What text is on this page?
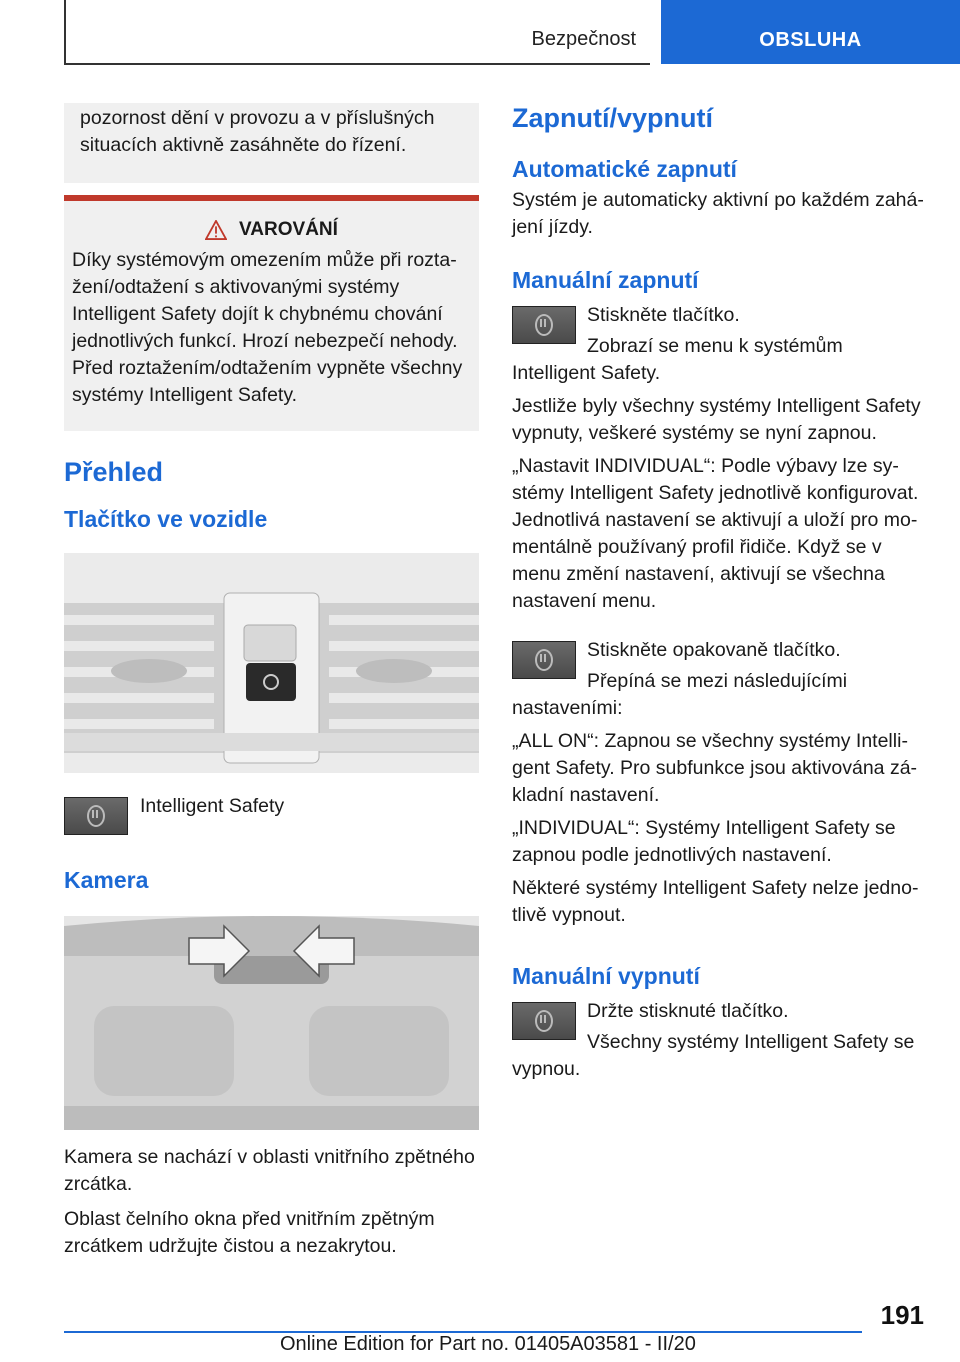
Bezpečnost	OBSLUHA

pozornost dění v provozu a v příslušných situacích aktivně zasáhněte do řízení.

VAROVÁNÍ

Díky systémovým omezením může při roztažení/odtažení s aktivovanými systémy Intelligent Safety dojít k chybnému chování jednotlivých funkcí. Hrozí nebezpečí nehody. Před roztažením/odtažením vypněte všechny systémy Intelligent Safety.

Přehled
Tlačítko ve vozidle

Intelligent Safety

Kamera

Kamera se nachází v oblasti vnitřního zpětného zrcátka.

Oblast čelního okna před vnitřním zpětným zrcátkem udržujte čistou a nezakrytou.

Zapnutí/vypnutí
Automatické zapnutí

Systém je automaticky aktivní po každém zahájení jízdy.

Manuální zapnutí

Stiskněte tlačítko.

Zobrazí se menu k systémům Intelligent Safety.

Jestliže byly všechny systémy Intelligent Safety vypnuty, veškeré systémy se nyní zapnou.

„Nastavit INDIVIDUAL“: Podle výbavy lze systémy Intelligent Safety jednotlivě konfigurovat. Jednotlivá nastavení se aktivují a uloží pro momentálně používaný profil řidiče. Když se v menu změní nastavení, aktivují se všechna nastavení menu.

Stiskněte opakovaně tlačítko.

Přepíná se mezi následujícími nastaveními:

„ALL ON“: Zapnou se všechny systémy Intelligent Safety. Pro subfunkce jsou aktivována základní nastavení.

„INDIVIDUAL“: Systémy Intelligent Safety se zapnou podle jednotlivých nastavení.

Některé systémy Intelligent Safety nelze jednotlivě vypnout.

Manuální vypnutí

Držte stisknuté tlačítko.

Všechny systémy Intelligent Safety se vypnou.

191
Online Edition for Part no. 01405A03581 - II/20
